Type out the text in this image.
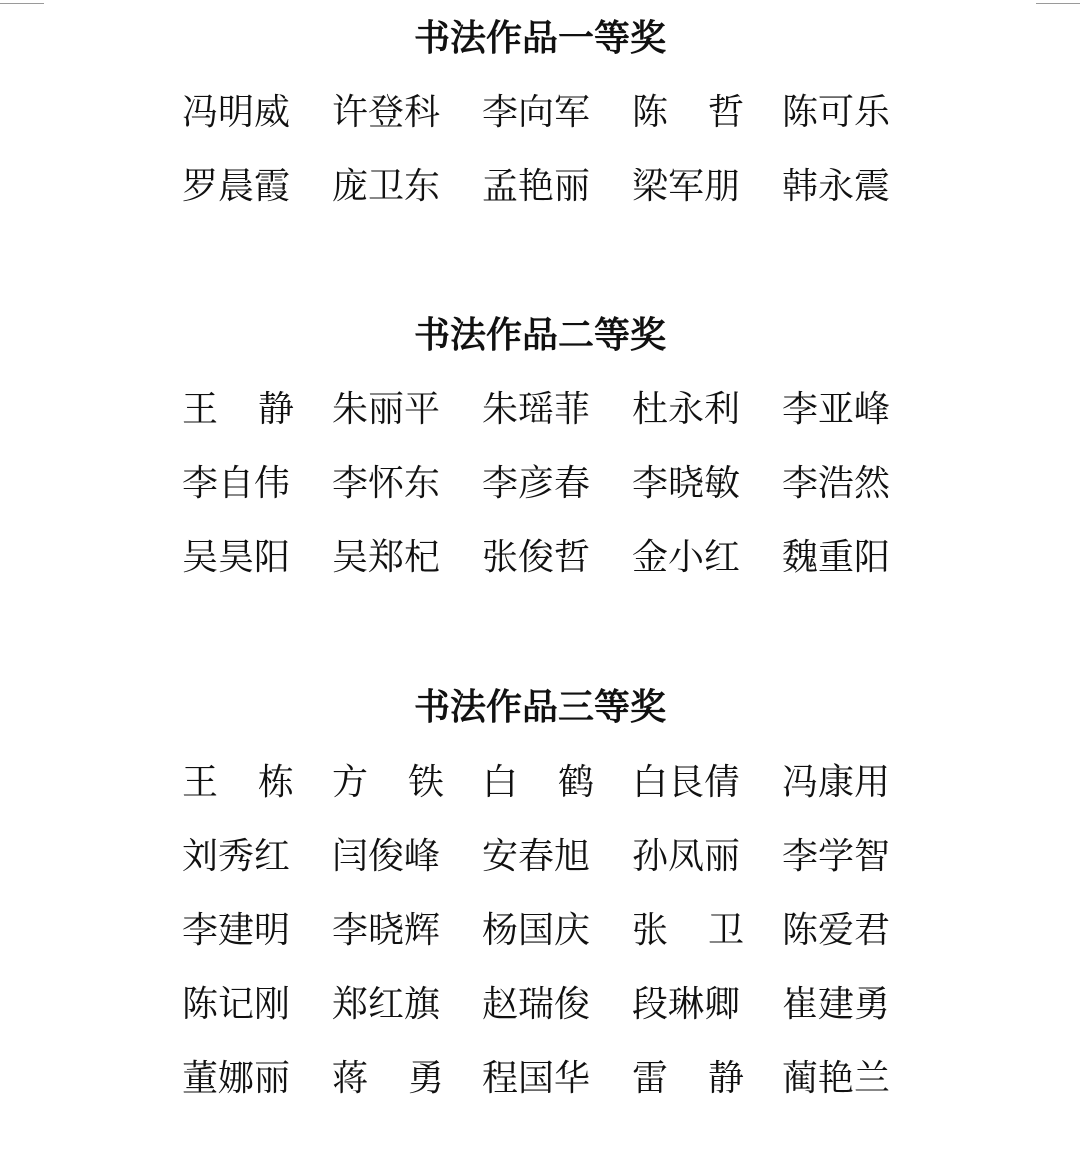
书法作品一等奖
冯明威 许登科 李向军 陈 哲 陈可乐
罗晨霞 庞卫东 孟艳丽 梁军朋 韩永震
书法作品二等奖
王 静 朱丽平 朱瑶菲 杜永利 李亚峰
李自伟 李怀东 李彦春 李晓敏 李浩然
吴昊阳 吴郑杞 张俊哲 金小红 魏重阳
书法作品三等奖
王 栋 方 铁 白 鹤 白艮倩 冯康用
刘秀红 闫俊峰 安春旭 孙凤丽 李学智
李建明 李晓辉 杨国庆 张 卫 陈爱君
陈记刚 郑红旗 赵瑞俊 段琳卿 崔建勇
董娜丽 蒋 勇 程国华 雷 静 蔺艳兰
